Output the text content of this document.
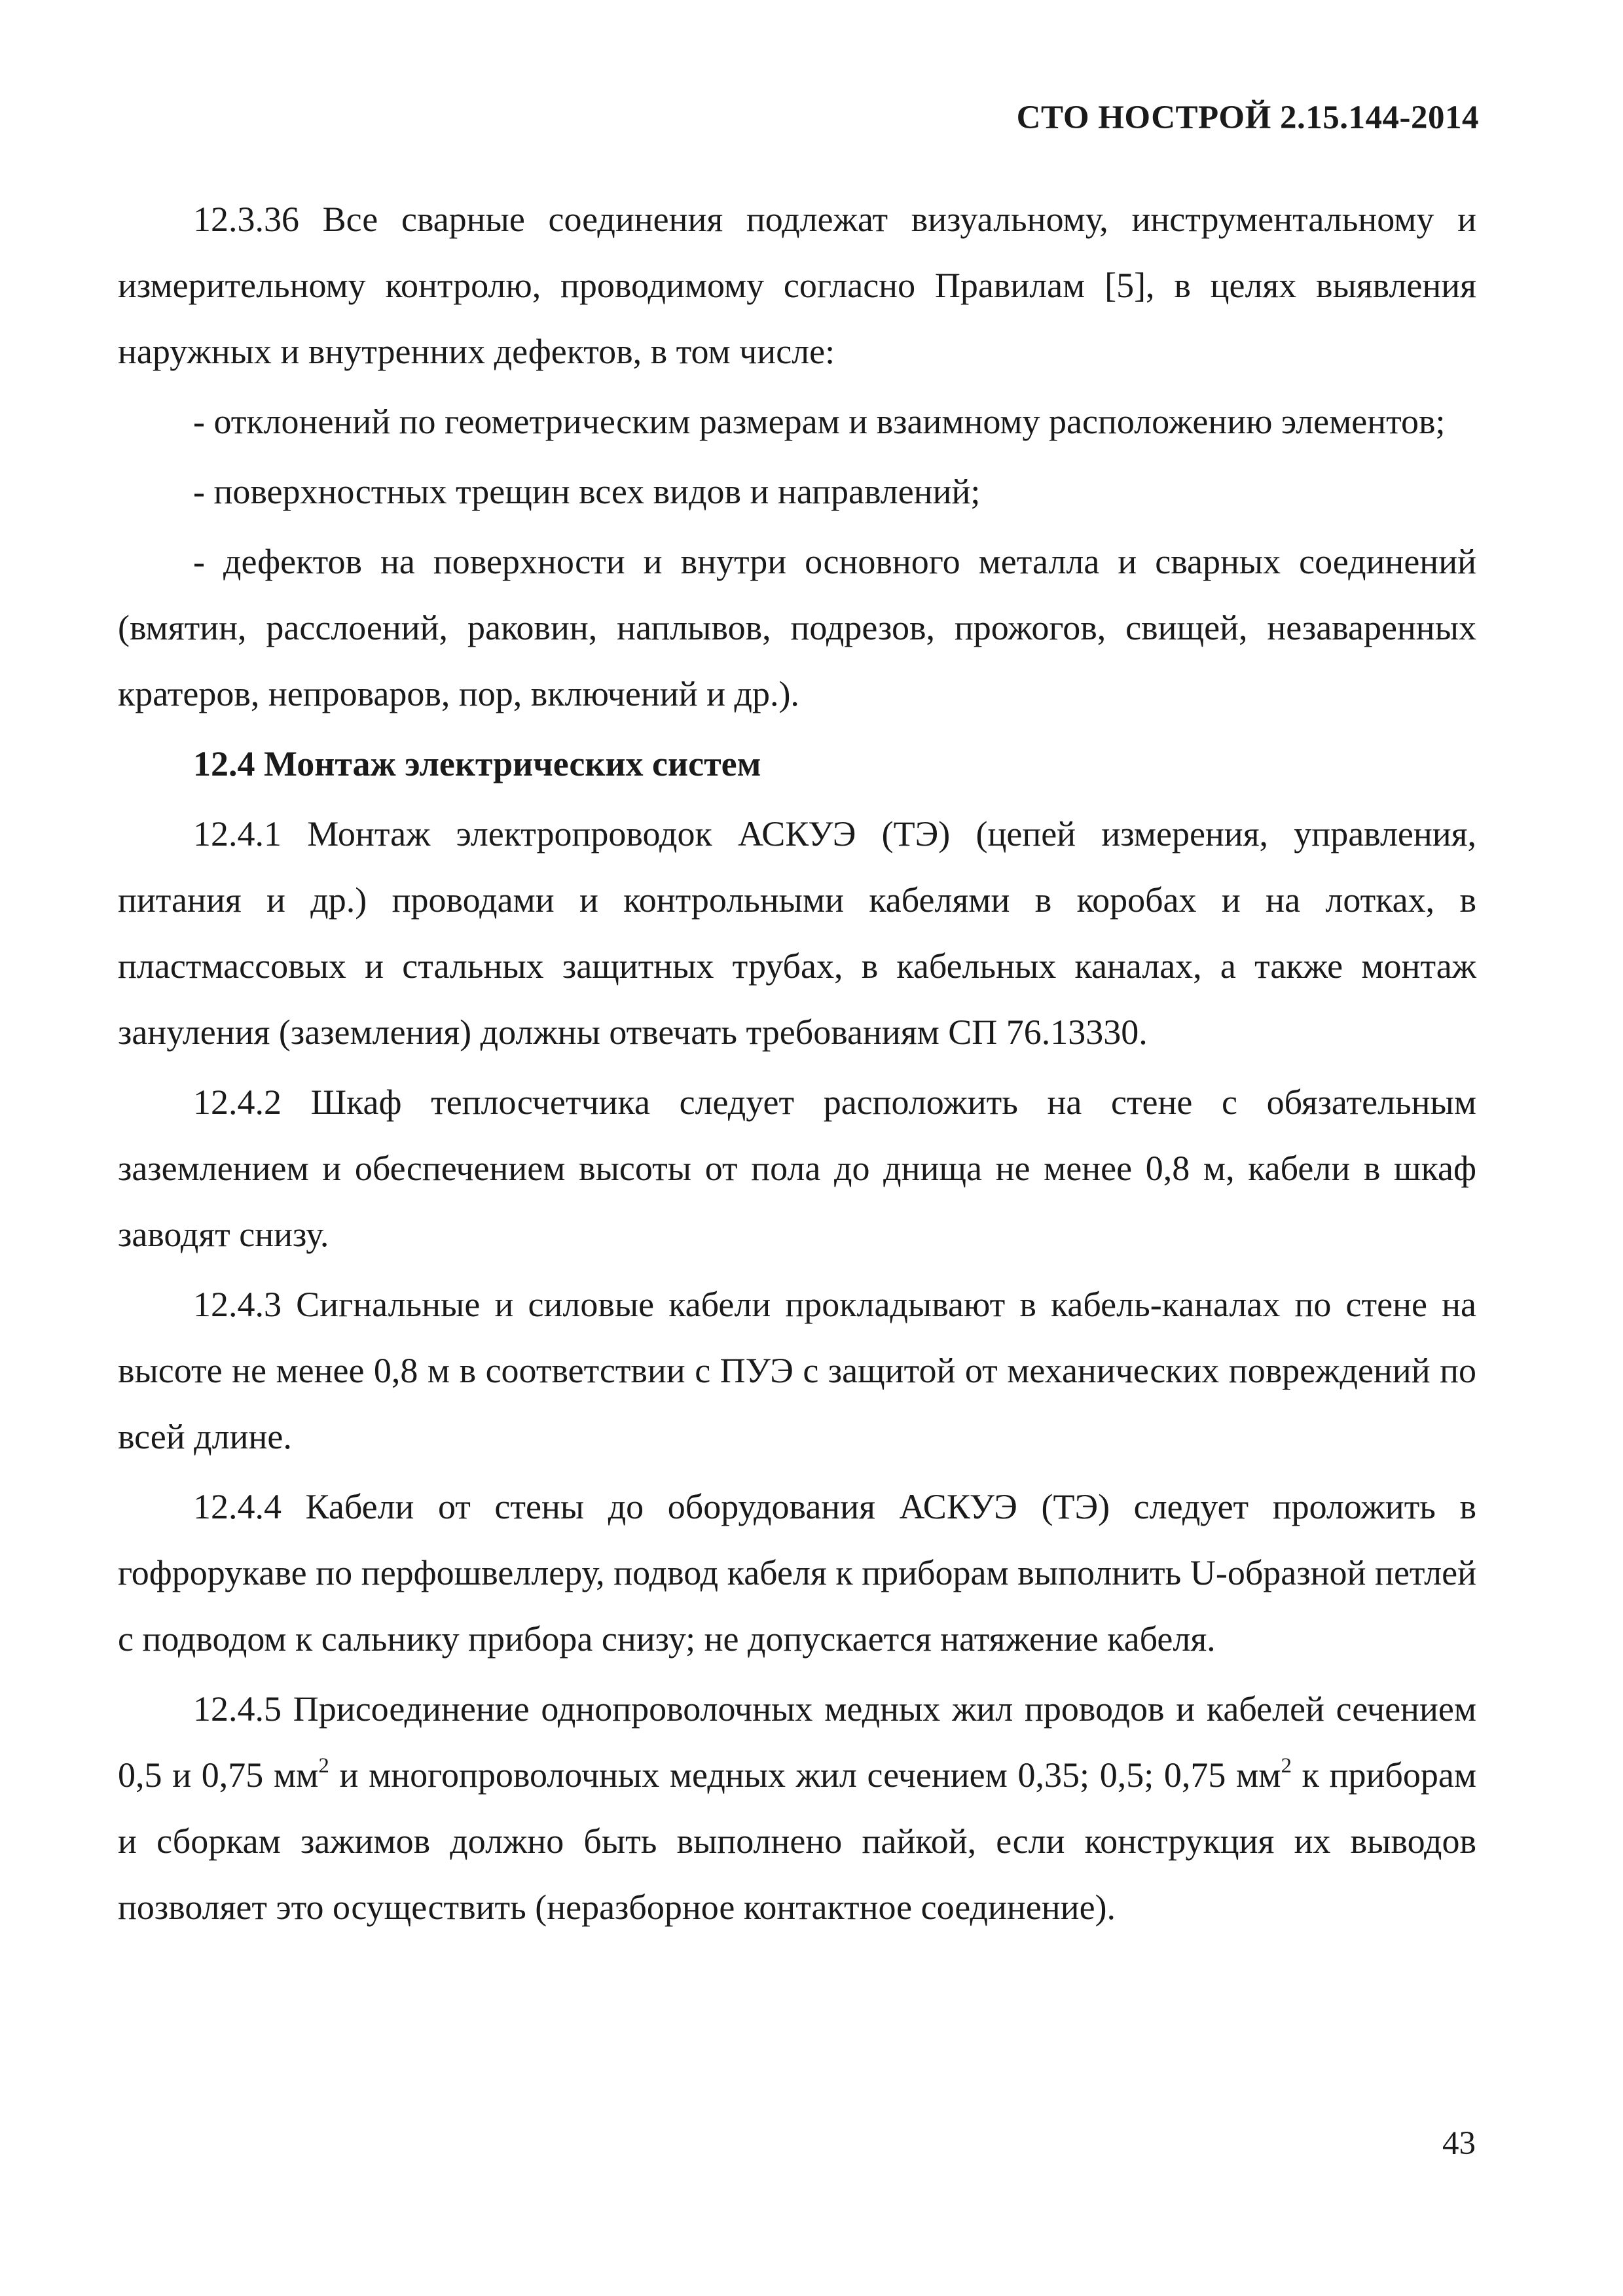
СТО НОСТРОЙ 2.15.144-2014

12.3.36 Все сварные соединения подлежат визуальному, инструментальному и измерительному контролю, проводимому согласно Правилам [5], в целях выявления наружных и внутренних дефектов, в том числе:

- отклонений по геометрическим размерам и взаимному расположению элементов;

- поверхностных трещин всех видов и направлений;

- дефектов на поверхности и внутри основного металла и сварных соединений (вмятин, расслоений, раковин, наплывов, подрезов, прожогов, свищей, незаваренных кратеров, непроваров, пор, включений и др.).

12.4 Монтаж электрических систем

12.4.1 Монтаж электропроводок АСКУЭ (ТЭ) (цепей измерения, управления, питания и др.) проводами и контрольными кабелями в коробах и на лотках, в пластмассовых и стальных защитных трубах, в кабельных каналах, а также монтаж зануления (заземления) должны отвечать требованиям СП 76.13330.

12.4.2 Шкаф теплосчетчика следует расположить на стене с обязательным заземлением и обеспечением высоты от пола до днища не менее 0,8 м, кабели в шкаф заводят снизу.

12.4.3 Сигнальные и силовые кабели прокладывают в кабель-каналах по стене на высоте не менее 0,8 м в соответствии с ПУЭ с защитой от механических повреждений по всей длине.

12.4.4 Кабели от стены до оборудования АСКУЭ (ТЭ) следует проложить в гофрорукаве по перфошвеллеру, подвод кабеля к приборам выполнить U-образной петлей с подводом к сальнику прибора снизу; не допускается натяжение кабеля.

12.4.5 Присоединение однопроволочных медных жил проводов и кабелей сечением 0,5 и 0,75 $мм^2$ и многопроволочных медных жил сечением 0,35; 0,5; 0,75 $мм^2$ к приборам и сборкам зажимов должно быть выполнено пайкой, если конструкция их выводов позволяет это осуществить (неразборное контактное соединение).

43
